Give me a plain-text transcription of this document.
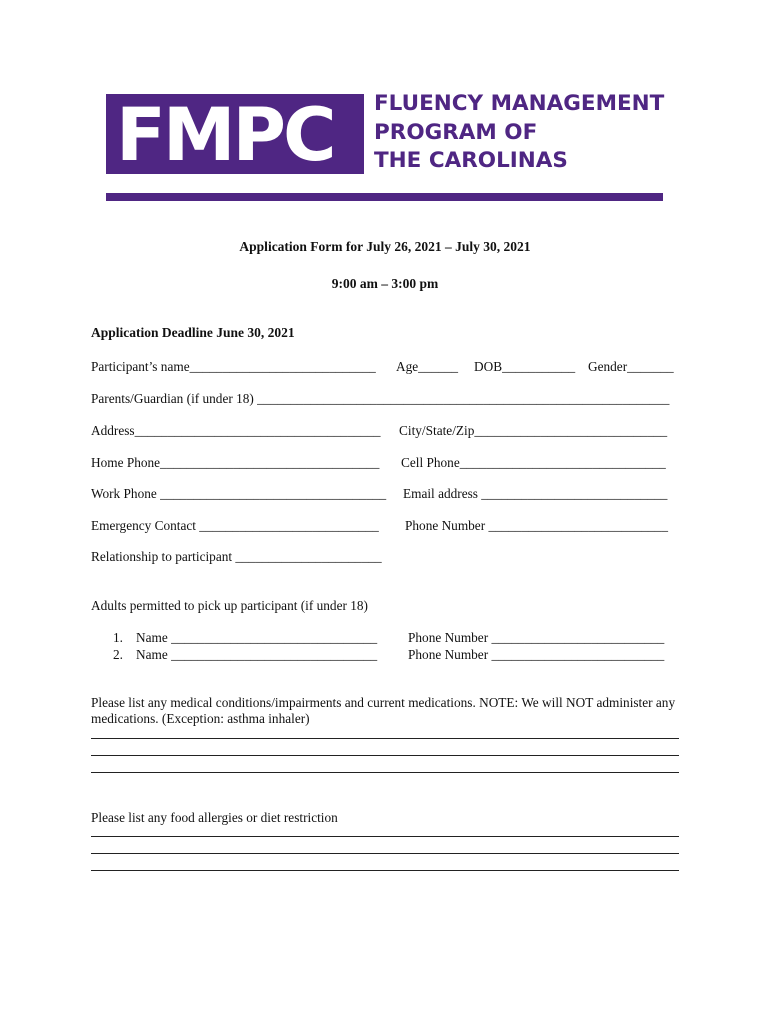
FMPC FLUENCY MANAGEMENT
PROGRAM OF
THE CAROLINAS
Application Form for July 26, 2021 – July 30, 2021
9:00 am – 3:00 pm
Application Deadline June 30, 2021
Participant’s name____________________________ Age______ DOB___________ Gender_______
Parents/Guardian (if under 18) ______________________________________________________________
Address_____________________________________ City/State/Zip_____________________________
Home Phone_________________________________ Cell Phone_______________________________
Work Phone __________________________________ Email address ____________________________
Emergency Contact ___________________________ Phone Number ___________________________
Relationship to participant ______________________
Adults permitted to pick up participant (if under 18)
1. Name _______________________________ Phone Number __________________________
2. Name _______________________________ Phone Number __________________________
Please list any medical conditions/impairments and current medications. NOTE: We will NOT administer any medications. (Exception: asthma inhaler)
Please list any food allergies or diet restriction
